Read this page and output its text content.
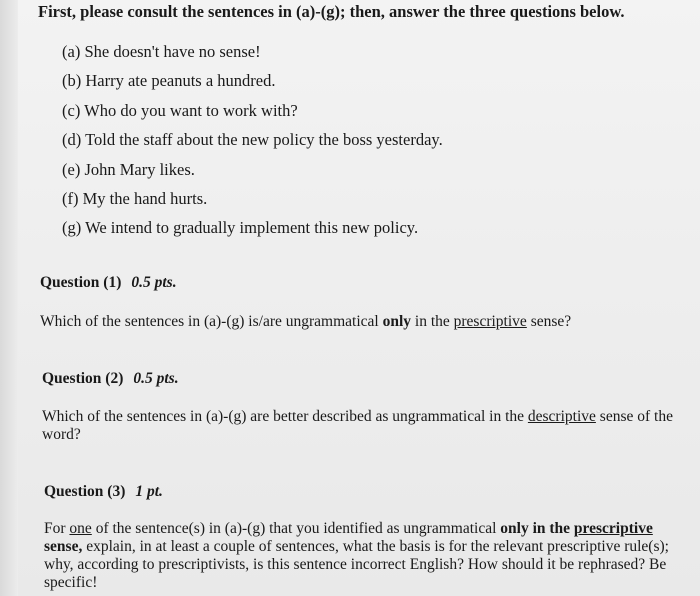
First, please consult the sentences in (a)-(g); then, answer the three questions below.
(a) She doesn't have no sense!
(b) Harry ate peanuts a hundred.
(c) Who do you want to work with?
(d) Told the staff about the new policy the boss yesterday.
(e) John Mary likes.
(f) My the hand hurts.
(g) We intend to gradually implement this new policy.
Question (1) 0.5 pts.
Which of the sentences in (a)-(g) is/are ungrammatical only in the prescriptive sense?
Question (2) 0.5 pts.
Which of the sentences in (a)-(g) are better described as ungrammatical in the descriptive sense of the word?
Question (3) 1 pt.
For one of the sentence(s) in (a)-(g) that you identified as ungrammatical only in the prescriptive sense, explain, in at least a couple of sentences, what the basis is for the relevant prescriptive rule(s); why, according to prescriptivists, is this sentence incorrect English? How should it be rephrased? Be specific!
